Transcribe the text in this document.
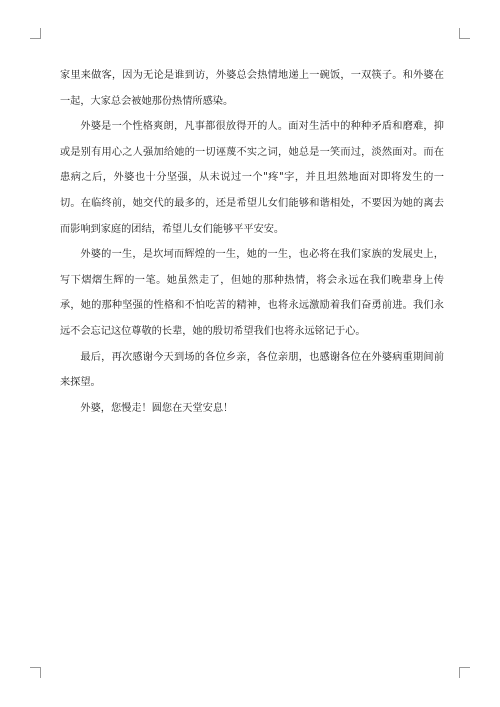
家里来做客，因为无论是谁到访，外婆总会热情地递上一碗饭，一双筷子。和外婆在一起，大家总会被她那份热情所感染。

外婆是一个性格爽朗，凡事都很放得开的人。面对生活中的种种矛盾和磨难，抑或是别有用心之人强加给她的一切诬蔑不实之词，她总是一笑而过，淡然面对。而在患病之后，外婆也十分坚强，从未说过一个"疼"字，并且坦然地面对即将发生的一切。在临终前，她交代的最多的，还是希望儿女们能够和谐相处，不要因为她的离去而影响到家庭的团结，希望儿女们能够平平安安。

外婆的一生，是坎坷而辉煌的一生，她的一生，也必将在我们家族的发展史上，写下熠熠生辉的一笔。她虽然走了，但她的那种热情，将会永远在我们晚辈身上传承，她的那种坚强的性格和不怕吃苦的精神，也将永远激励着我们奋勇前进。我们永远不会忘记这位尊敬的长辈，她的殷切希望我们也将永远铭记于心。

最后，再次感谢今天到场的各位乡亲，各位亲朋，也感谢各位在外婆病重期间前来探望。

外婆，您慢走！圆您在天堂安息！
